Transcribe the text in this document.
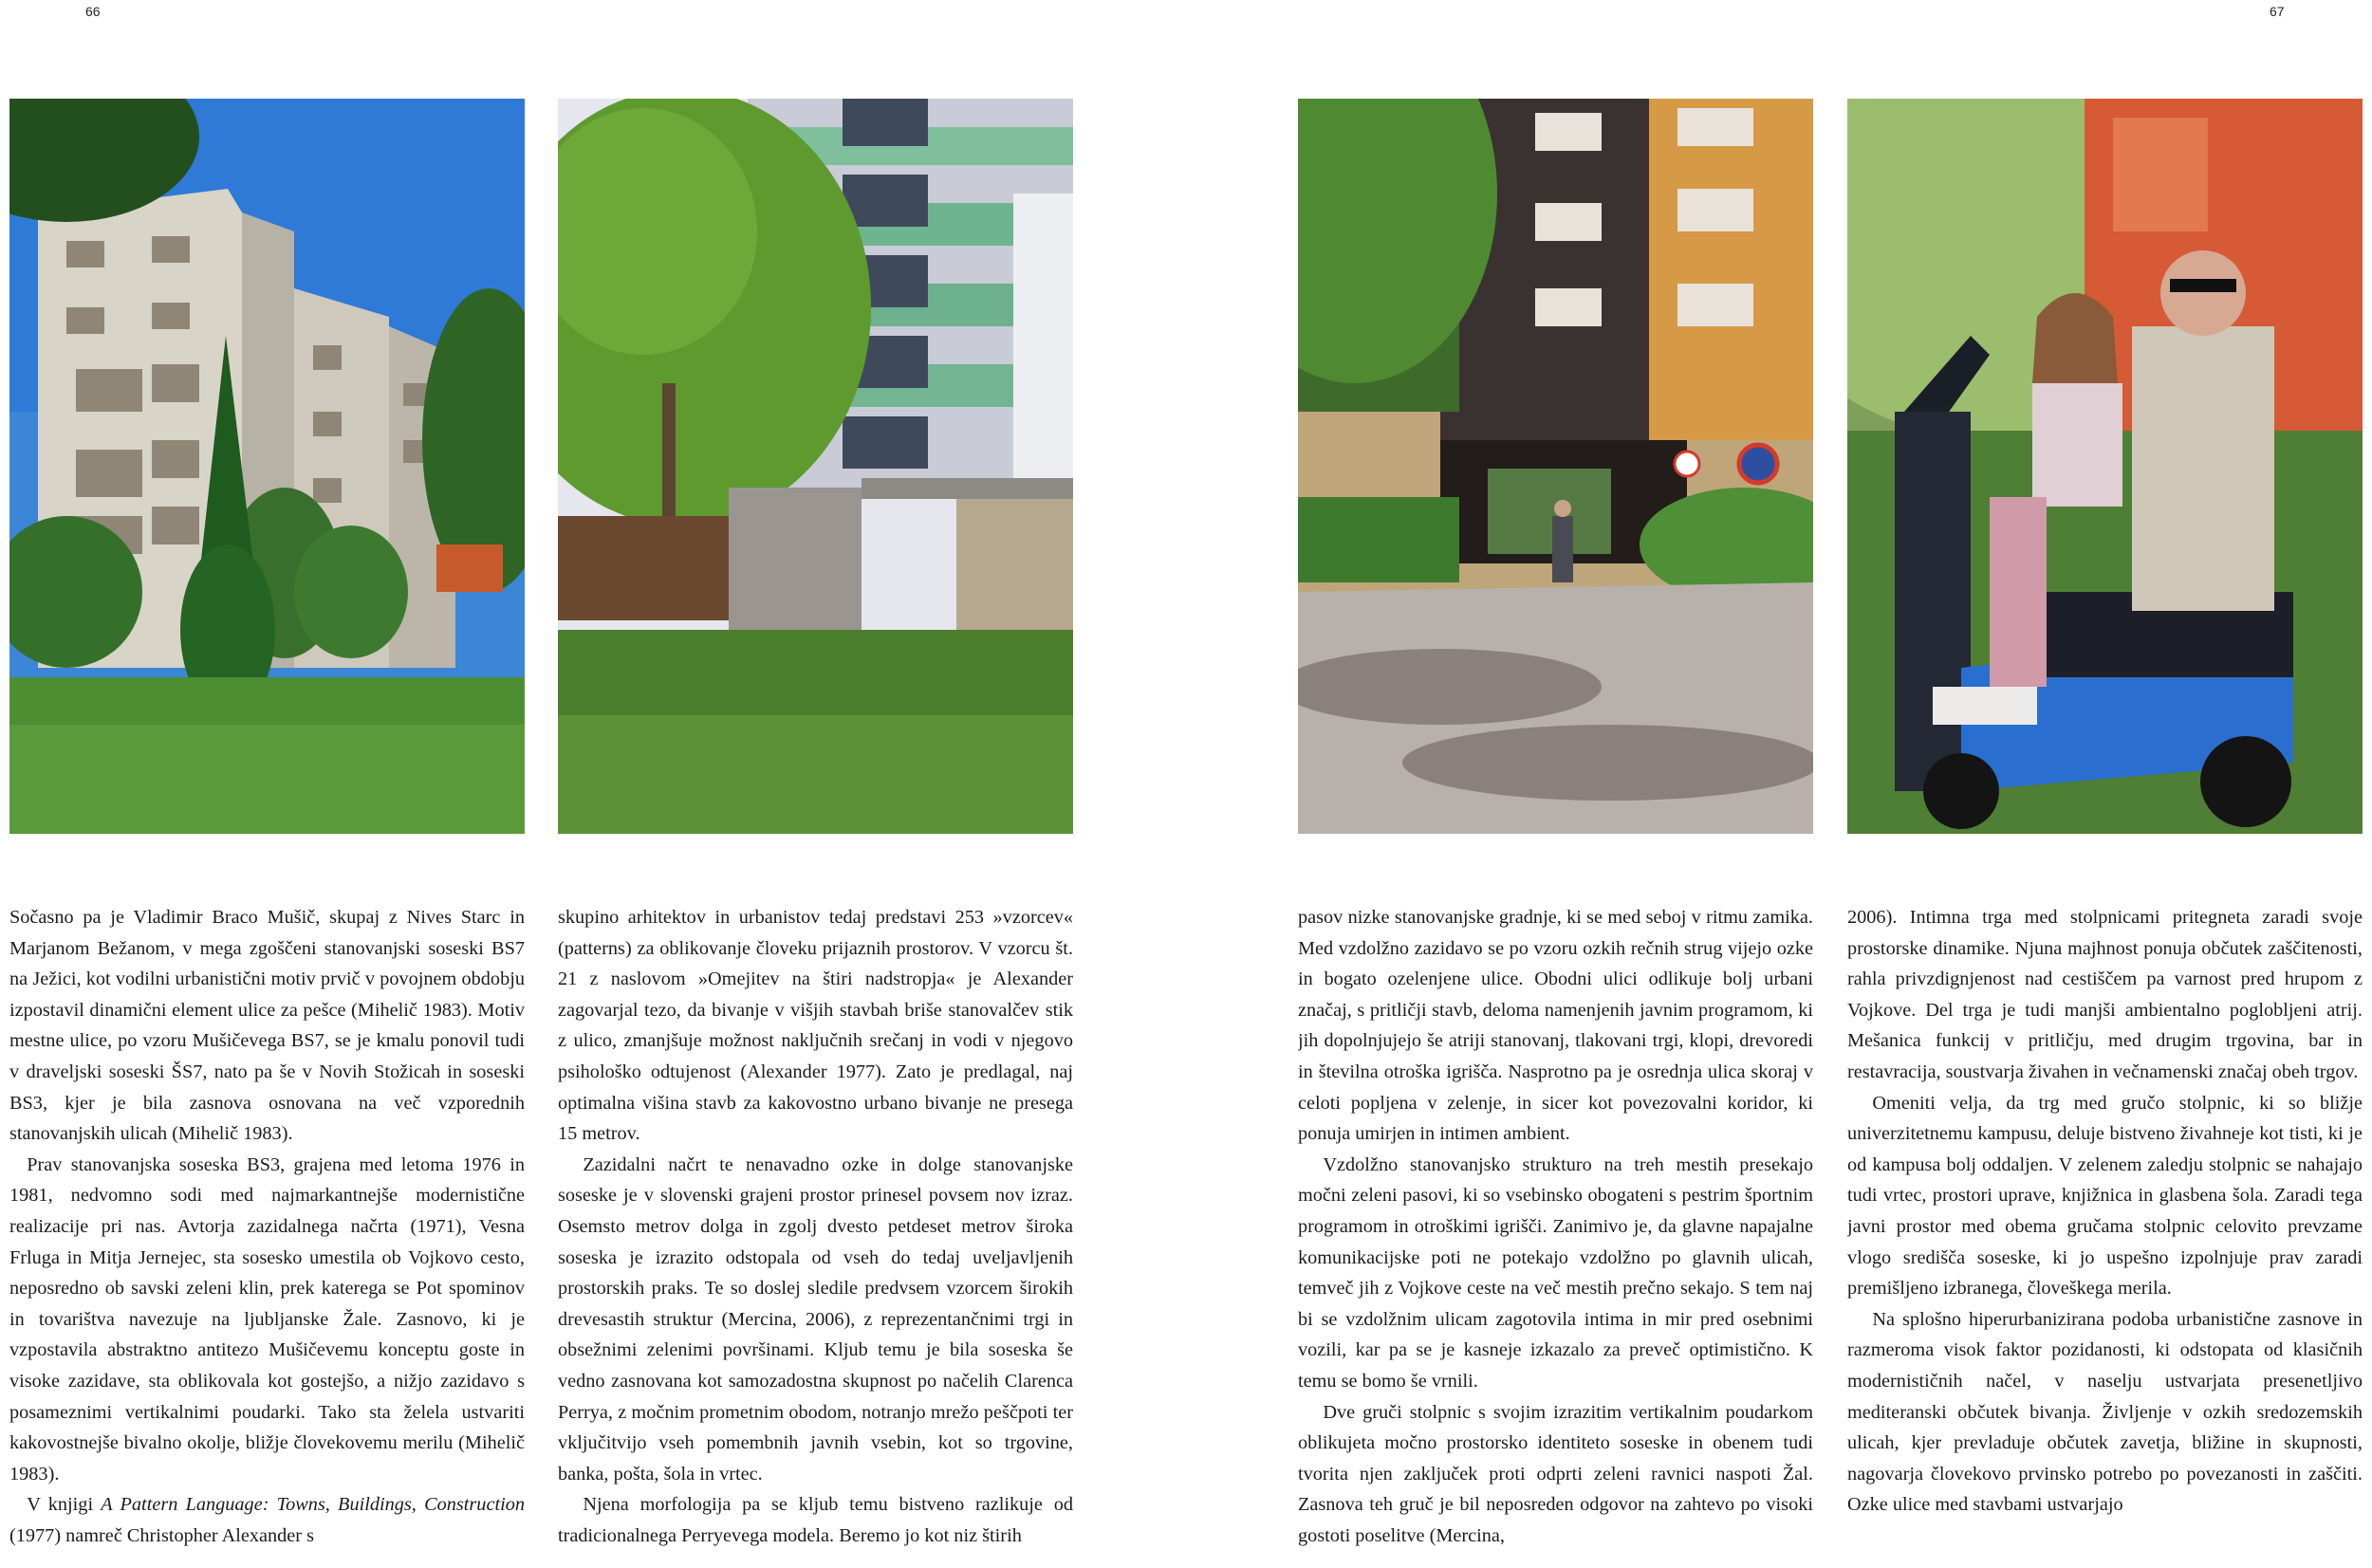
66	67

Sočasno pa je Vladimir Braco Mušič, skupaj z Nives Starc in Marjanom Bežanom, v mega zgoščeni stanovanjski soseski BS7 na Ježici, kot vodilni urbanistični motiv prvič v povojnem obdobju izpostavil dinamični element ulice za pešce (Mihelič 1983). Motiv mestne ulice, po vzoru Mušičevega BS7, se je kmalu ponovil tudi v draveljski soseski ŠS7, nato pa še v Novih Stožicah in soseski BS3, kjer je bila zasnova osnovana na več vzporednih stanovanjskih ulicah (Mihelič 1983).

Prav stanovanjska soseska BS3, grajena med letoma 1976 in 1981, nedvomno sodi med najmarkantnejše modernistične realizacije pri nas. Avtorja zazidalnega načrta (1971), Vesna Frluga in Mitja Jernejec, sta sosesko umestila ob Vojkovo cesto, neposredno ob savski zeleni klin, prek katerega se Pot spominov in tovarištva navezuje na ljubljanske Žale. Zasnovo, ki je vzpostavila abstraktno antitezo Mušičevemu konceptu goste in visoke zazidave, sta oblikovala kot gostejšo, a nižjo zazidavo s posameznimi vertikalnimi poudarki. Tako sta želela ustvariti kakovostnejše bivalno okolje, bližje človekovemu merilu (Mihelič 1983).

V knjigi A Pattern Language: Towns, Buildings, Construction (1977) namreč Christopher Alexander s

skupino arhitektov in urbanistov tedaj predstavi 253 »vzorcev« (patterns) za oblikovanje človeku prijaznih prostorov. V vzorcu št. 21 z naslovom »Omejitev na štiri nadstropja« je Alexander zagovarjal tezo, da bivanje v višjih stavbah briše stanovalčev stik z ulico, zmanjšuje možnost naključnih srečanj in vodi v njegovo psihološko odtujenost (Alexander 1977). Zato je predlagal, naj optimalna višina stavb za kakovostno urbano bivanje ne presega 15 metrov.

Zazidalni načrt te nenavadno ozke in dolge stanovanjske soseske je v slovenski grajeni prostor prinesel povsem nov izraz. Osemsto metrov dolga in zgolj dvesto petdeset metrov široka soseska je izrazito odstopala od vseh do tedaj uveljavljenih prostorskih praks. Te so doslej sledile predvsem vzorcem širokih drevesastih struktur (Mercina, 2006), z reprezentančnimi trgi in obsežnimi zelenimi površinami. Kljub temu je bila soseska še vedno zasnovana kot samozadostna skupnost po načelih Clarenca Perrya, z močnim prometnim obodom, notranjo mrežo peščpoti ter vključitvijo vseh pomembnih javnih vsebin, kot so trgovine, banka, pošta, šola in vrtec.

Njena morfologija pa se kljub temu bistveno razlikuje od tradicionalnega Perryevega modela. Beremo jo kot niz štirih

pasov nizke stanovanjske gradnje, ki se med seboj v ritmu zamika. Med vzdolžno zazidavo se po vzoru ozkih rečnih strug vijejo ozke in bogato ozelenjene ulice. Obodni ulici odlikuje bolj urbani značaj, s pritličji stavb, deloma namenjenih javnim programom, ki jih dopolnjujejo še atriji stanovanj, tlakovani trgi, klopi, drevoredi in številna otroška igrišča. Nasprotno pa je osrednja ulica skoraj v celoti popljena v zelenje, in sicer kot povezovalni koridor, ki ponuja umirjen in intimen ambient.

Vzdolžno stanovanjsko strukturo na treh mestih presekajo močni zeleni pasovi, ki so vsebinsko obogateni s pestrim športnim programom in otroškimi igrišči. Zanimivo je, da glavne napajalne komunikacijske poti ne potekajo vzdolžno po glavnih ulicah, temveč jih z Vojkove ceste na več mestih prečno sekajo. S tem naj bi se vzdolžnim ulicam zagotovila intima in mir pred osebnimi vozili, kar pa se je kasneje izkazalo za preveč optimistično. K temu se bomo še vrnili.

Dve gruči stolpnic s svojim izrazitim vertikalnim poudarkom oblikujeta močno prostorsko identiteto soseske in obenem tudi tvorita njen zaključek proti odprti zeleni ravnici naspoti Žal. Zasnova teh gruč je bil neposreden odgovor na zahtevo po visoki gostoti poselitve (Mercina,

2006). Intimna trga med stolpnicami pritegneta zaradi svoje prostorske dinamike. Njuna majhnost ponuja občutek zaščitenosti, rahla privzdignjenost nad cestiščem pa varnost pred hrupom z Vojkove. Del trga je tudi manjši ambientalno poglobljeni atrij. Mešanica funkcij v pritličju, med drugim trgovina, bar in restavracija, soustvarja živahen in večnamenski značaj obeh trgov.

Omeniti velja, da trg med gručo stolpnic, ki so bližje univerzitetnemu kampusu, deluje bistveno živahneje kot tisti, ki je od kampusa bolj oddaljen. V zelenem zaledju stolpnic se nahajajo tudi vrtec, prostori uprave, knjižnica in glasbena šola. Zaradi tega javni prostor med obema gručama stolpnic celovito prevzame vlogo središča soseske, ki jo uspešno izpolnjuje prav zaradi premišljeno izbranega, človeškega merila.

Na splošno hiperurbanizirana podoba urbanistične zasnove in razmeroma visok faktor pozidanosti, ki odstopata od klasičnih modernističnih načel, v naselju ustvarjata presenetljivo mediteranski občutek bivanja. Življenje v ozkih sredozemskih ulicah, kjer prevladuje občutek zavetja, bližine in skupnosti, nagovarja človekovo prvinsko potrebo po povezanosti in zaščiti. Ozke ulice med stavbami ustvarjajo
